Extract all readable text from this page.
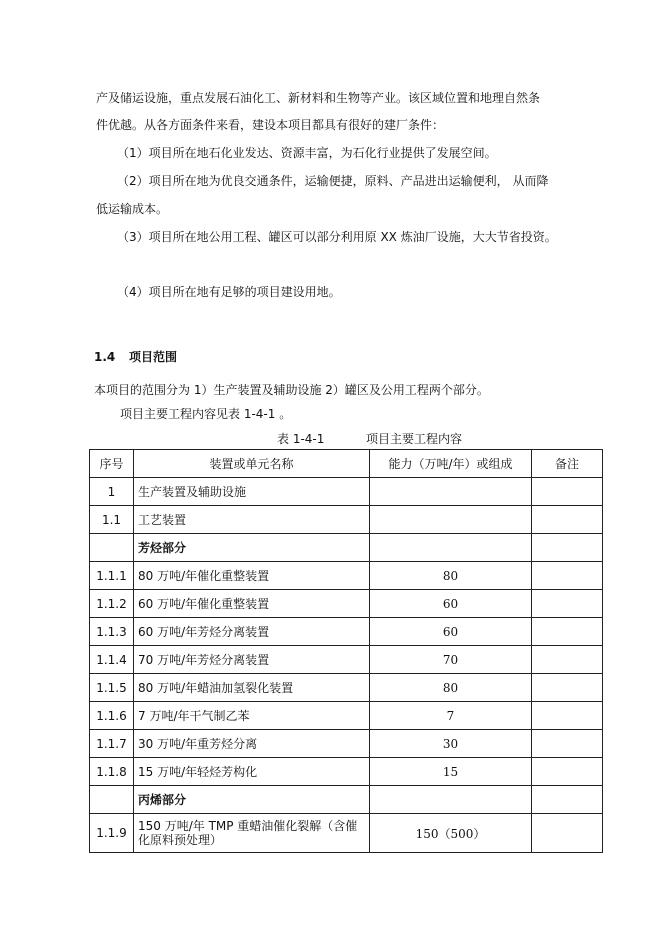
产及储运设施，重点发展石油化工、新材料和生物等产业。该区域位置和地理自然条
件优越。从各方面条件来看，建设本项目都具有很好的建厂条件：
（1）项目所在地石化业发达、资源丰富，为石化行业提供了发展空间。
（2）项目所在地为优良交通条件，运输便捷，原料、产品进出运输便利， 从而降
低运输成本。
（3）项目所在地公用工程、罐区可以部分利用原 XX 炼油厂设施，大大节省投资。
（4）项目所在地有足够的项目建设用地。
1.4 项目范围
本项目的范围分为 1）生产装置及辅助设施 2）罐区及公用工程两个部分。
项目主要工程内容见表 1-4-1 。
表 1-4-1	项目主要工程内容
序号	装置或单元名称	能力（万吨/年）或组成	备注
1	生产装置及辅助设施		
1.1	工艺装置		
	芳烃部分		
1.1.1	80 万吨/年催化重整装置	80	
1.1.2	60 万吨/年催化重整装置	60	
1.1.3	60 万吨/年芳烃分离装置	60	
1.1.4	70 万吨/年芳烃分离装置	70	
1.1.5	80 万吨/年蜡油加氢裂化装置	80	
1.1.6	7 万吨/年干气制乙苯	7	
1.1.7	30 万吨/年重芳烃分离	30	
1.1.8	15 万吨/年轻烃芳构化	15	
	丙烯部分		
1.1.9	150 万吨/年 TMP 重蜡油催化裂解（含催化原料预处理）	150（500）	
